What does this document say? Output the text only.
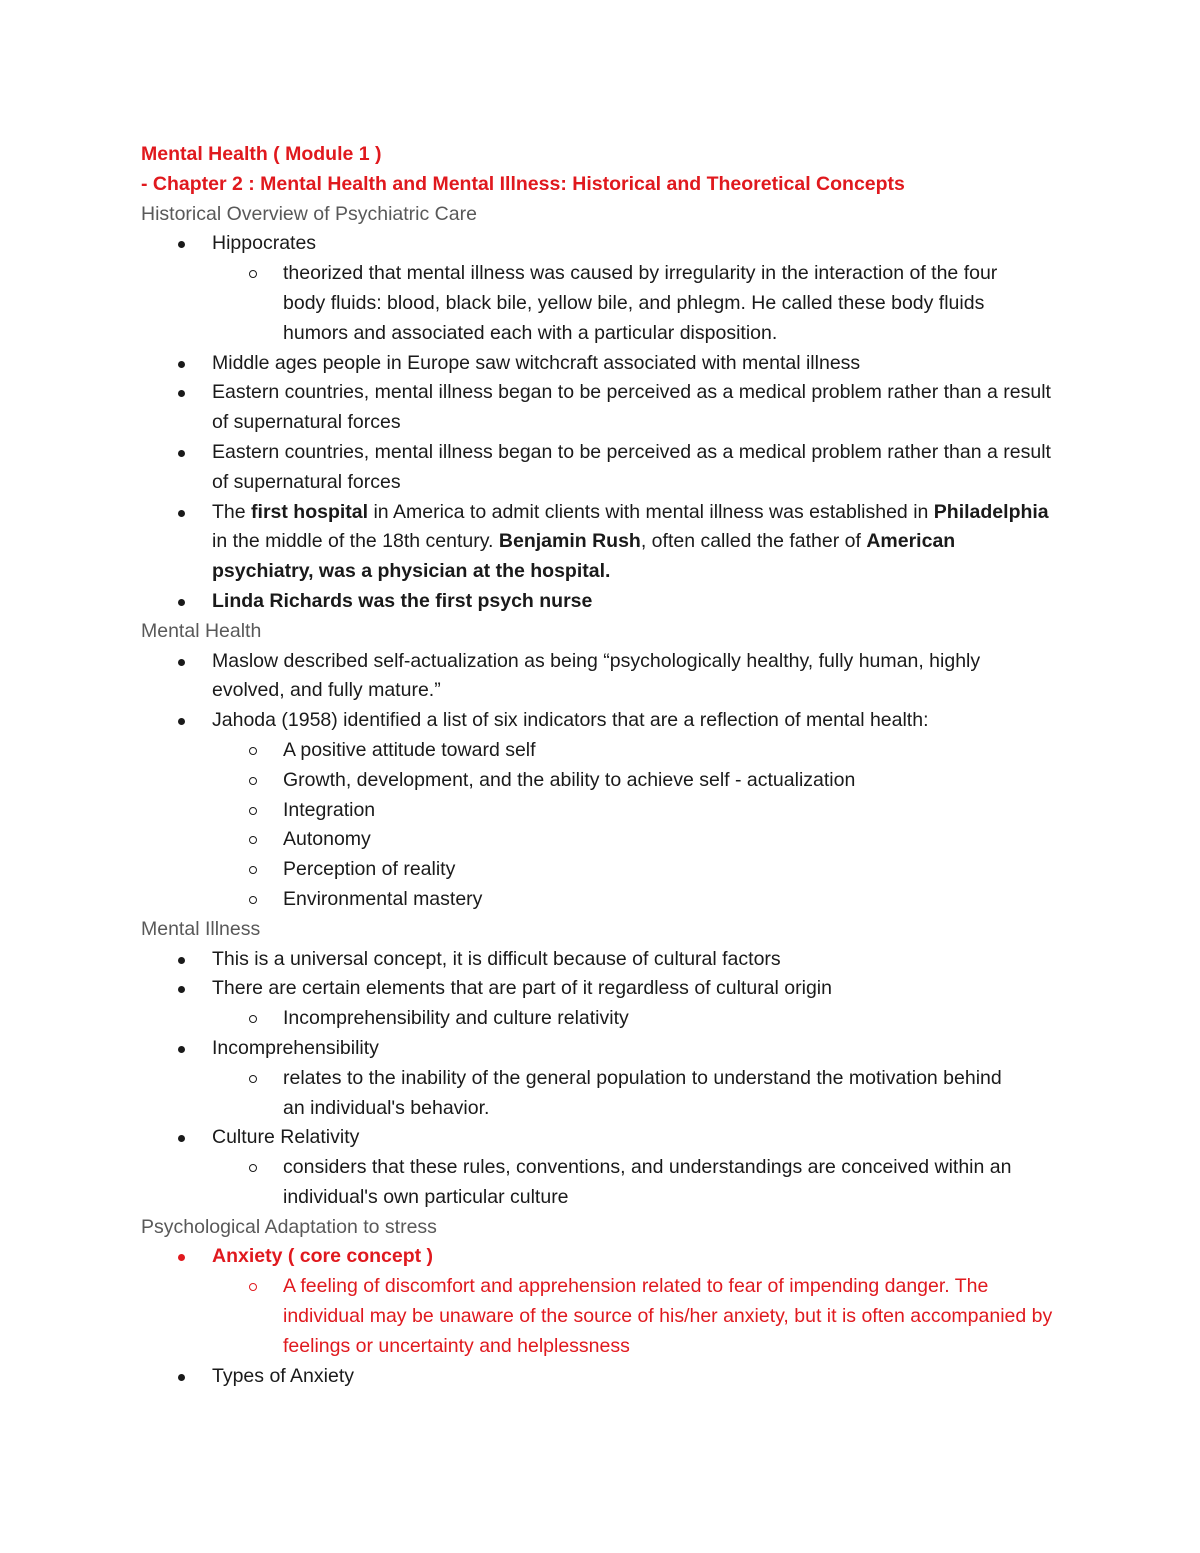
Mental Health ( Module 1 )
- Chapter 2 : Mental Health and Mental Illness: Historical and Theoretical Concepts
Historical Overview of Psychiatric Care
Hippocrates
theorized that mental illness was caused by irregularity in the interaction of the four body fluids: blood, black bile, yellow bile, and phlegm. He called these body fluids humors and associated each with a particular disposition.
Middle ages people in Europe saw witchcraft associated with mental illness
Eastern countries, mental illness began to be perceived as a medical problem rather than a result of supernatural forces
Eastern countries, mental illness began to be perceived as a medical problem rather than a result of supernatural forces
The first hospital in America to admit clients with mental illness was established in Philadelphia in the middle of the 18th century. Benjamin Rush, often called the father of American psychiatry, was a physician at the hospital.
Linda Richards was the first psych nurse
Mental Health
Maslow described self-actualization as being “psychologically healthy, fully human, highly evolved, and fully mature.”
Jahoda (1958) identified a list of six indicators that are a reflection of mental health:
A positive attitude toward self
Growth, development, and the ability to achieve self - actualization
Integration
Autonomy
Perception of reality
Environmental mastery
Mental Illness
This is a universal concept, it is difficult because of cultural factors
There are certain elements that are part of it regardless of cultural origin
Incomprehensibility and culture relativity
Incomprehensibility
relates to the inability of the general population to understand the motivation behind an individual's behavior.
Culture Relativity
considers that these rules, conventions, and understandings are conceived within an individual's own particular culture
Psychological Adaptation to stress
Anxiety ( core concept )
A feeling of discomfort and apprehension related to fear of impending danger. The individual may be unaware of the source of his/her anxiety, but it is often accompanied by feelings or uncertainty and helplessness
Types of Anxiety
